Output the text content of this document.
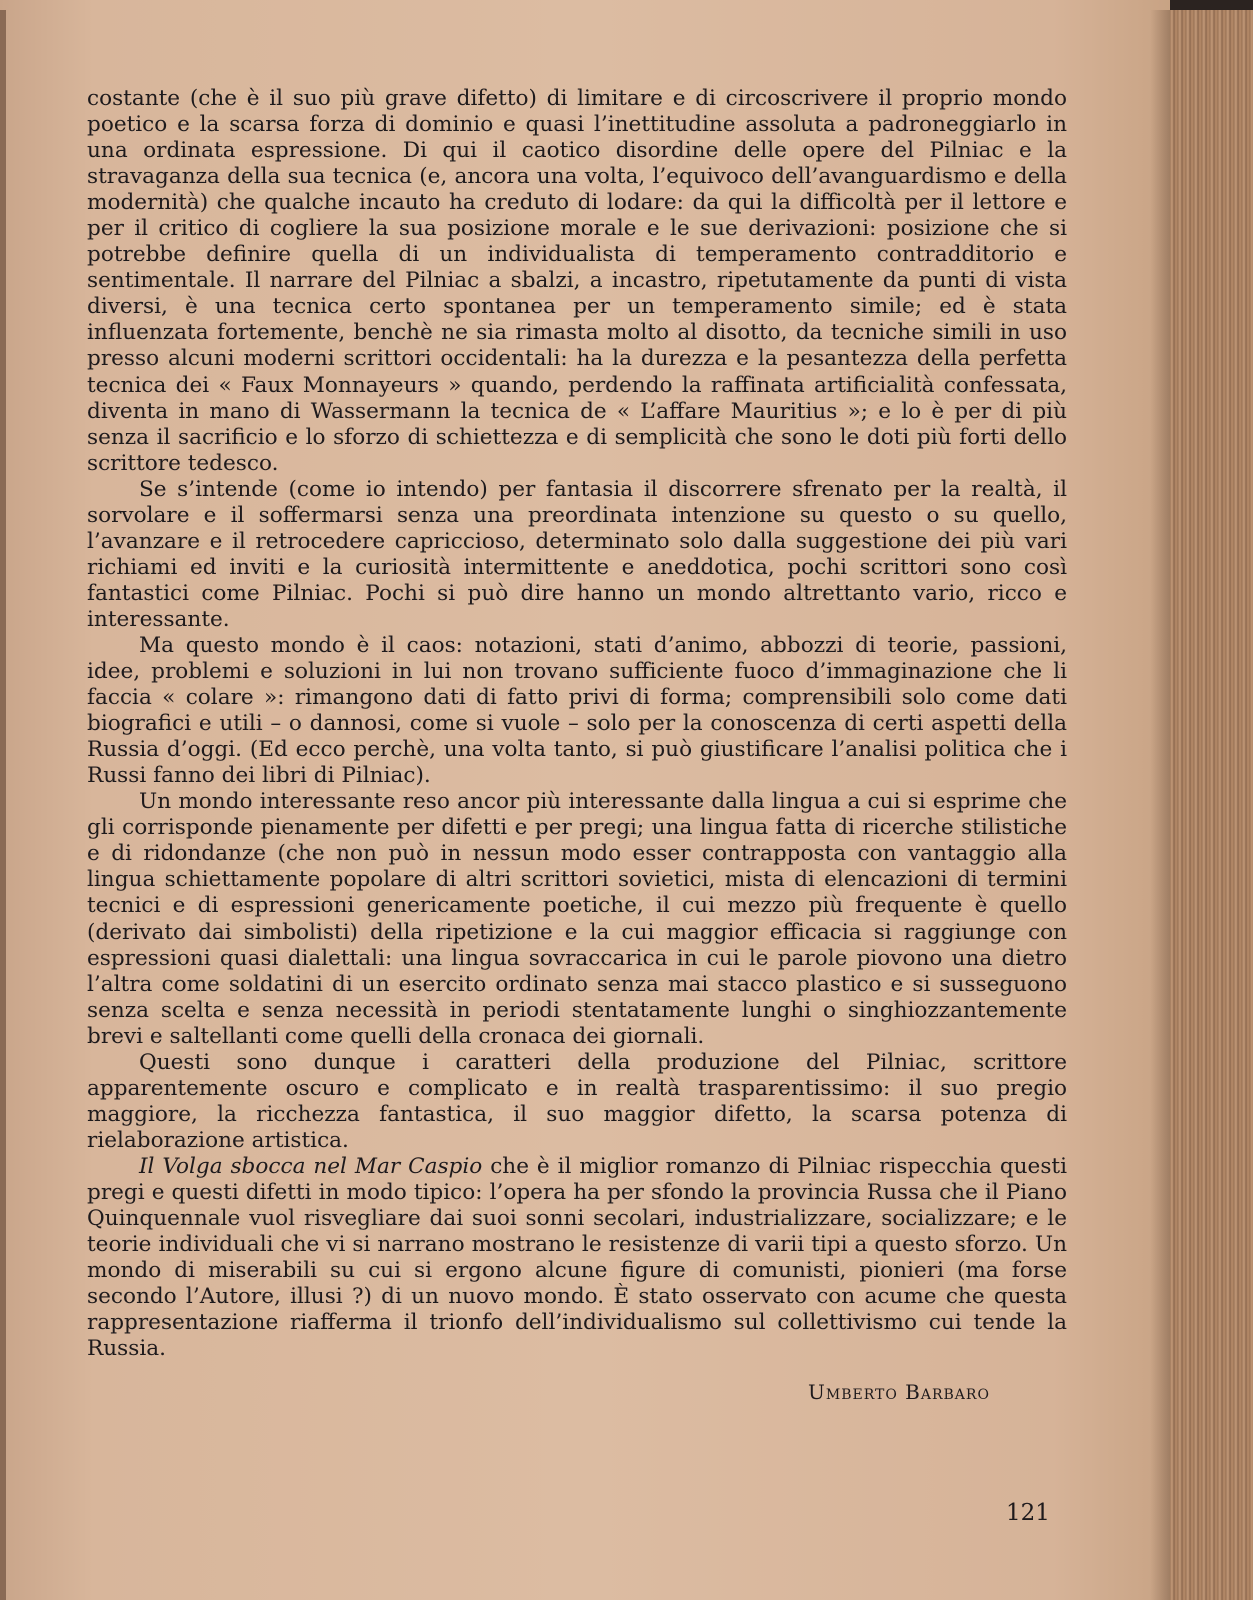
costante (che è il suo più grave difetto) di limitare e di circoscrivere il proprio mondo poetico e la scarsa forza di dominio e quasi l’inettitudine assoluta a padroneggiarlo in una ordinata espressione. Di qui il caotico disordine delle opere del Pilniac e la stravaganza della sua tecnica (e, ancora una volta, l’equivoco dell’avanguardismo e della modernità) che qualche incauto ha creduto di lodare: da qui la difficoltà per il lettore e per il critico di cogliere la sua posizione morale e le sue derivazioni: posizione che si potrebbe definire quella di un individualista di temperamento contradditorio e sentimentale. Il narrare del Pilniac a sbalzi, a incastro, ripetutamente da punti di vista diversi, è una tecnica certo spontanea per un temperamento simile; ed è stata influenzata fortemente, benchè ne sia rimasta molto al disotto, da tecniche simili in uso presso alcuni moderni scrittori occidentali: ha la durezza e la pesantezza della perfetta tecnica dei « Faux Monnayeurs » quando, perdendo la raffinata artificialità confessata, diventa in mano di Wassermann la tecnica de « L’affare Mauritius »; e lo è per di più senza il sacrificio e lo sforzo di schiettezza e di semplicità che sono le doti più forti dello scrittore tedesco.

Se s’intende (come io intendo) per fantasia il discorrere sfrenato per la realtà, il sorvolare e il soffermarsi senza una preordinata intenzione su questo o su quello, l’avanzare e il retrocedere capriccioso, determinato solo dalla suggestione dei più vari richiami ed inviti e la curiosità intermittente e aneddotica, pochi scrittori sono così fantastici come Pilniac. Pochi si può dire hanno un mondo altrettanto vario, ricco e interessante.

Ma questo mondo è il caos: notazioni, stati d’animo, abbozzi di teorie, passioni, idee, problemi e soluzioni in lui non trovano sufficiente fuoco d’immaginazione che li faccia « colare »: rimangono dati di fatto privi di forma; comprensibili solo come dati biografici e utili – o dannosi, come si vuole – solo per la conoscenza di certi aspetti della Russia d’oggi. (Ed ecco perchè, una volta tanto, si può giustificare l’analisi politica che i Russi fanno dei libri di Pilniac).

Un mondo interessante reso ancor più interessante dalla lingua a cui si esprime che gli corrisponde pienamente per difetti e per pregi; una lingua fatta di ricerche stilistiche e di ridondanze (che non può in nessun modo esser contrapposta con vantaggio alla lingua schiettamente popolare di altri scrittori sovietici, mista di elencazioni di termini tecnici e di espressioni genericamente poetiche, il cui mezzo più frequente è quello (derivato dai simbolisti) della ripetizione e la cui maggior efficacia si raggiunge con espressioni quasi dialettali: una lingua sovraccarica in cui le parole piovono una dietro l’altra come soldatini di un esercito ordinato senza mai stacco plastico e si susseguono senza scelta e senza necessità in periodi stentatamente lunghi o singhiozzantemente brevi e saltellanti come quelli della cronaca dei giornali.

Questi sono dunque i caratteri della produzione del Pilniac, scrittore apparentemente oscuro e complicato e in realtà trasparentissimo: il suo pregio maggiore, la ricchezza fantastica, il suo maggior difetto, la scarsa potenza di rielaborazione artistica.

Il Volga sbocca nel Mar Caspio che è il miglior romanzo di Pilniac rispecchia questi pregi e questi difetti in modo tipico: l’opera ha per sfondo la provincia Russa che il Piano Quinquennale vuol risvegliare dai suoi sonni secolari, industrializzare, socializzare; e le teorie individuali che vi si narrano mostrano le resistenze di varii tipi a questo sforzo. Un mondo di miserabili su cui si ergono alcune figure di comunisti, pionieri (ma forse secondo l’Autore, illusi ?) di un nuovo mondo. È stato osservato con acume che questa rappresentazione riafferma il trionfo dell’individualismo sul collettivismo cui tende la Russia.

Umberto Barbaro
121
